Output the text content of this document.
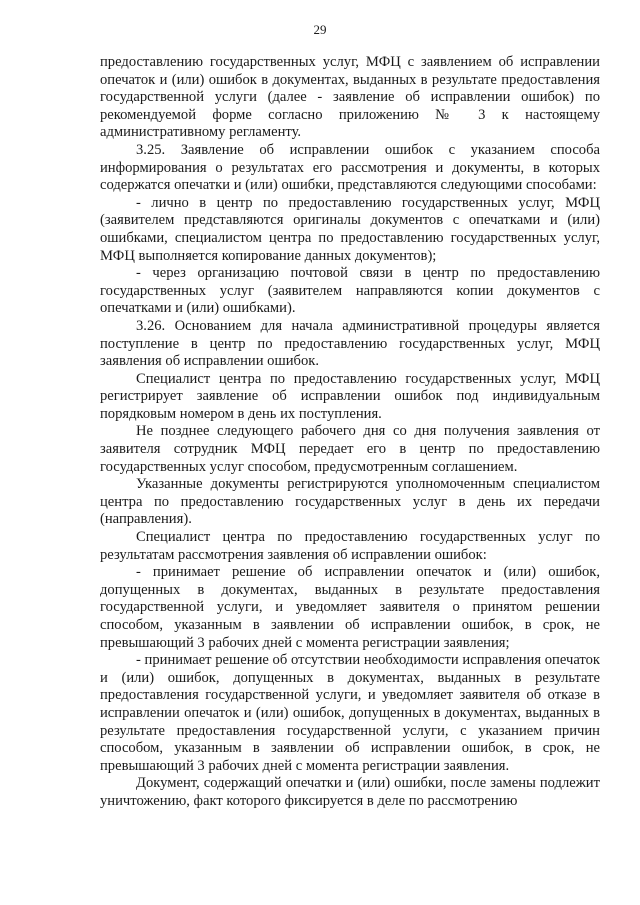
29

предоставлению государственных услуг, МФЦ с заявлением об исправлении опечаток и (или) ошибок в документах, выданных в результате предоставления государственной услуги (далее - заявление об исправлении ошибок) по рекомендуемой форме согласно приложению № 3 к настоящему административному регламенту.

3.25. Заявление об исправлении ошибок с указанием способа информирования о результатах его рассмотрения и документы, в которых содержатся опечатки и (или) ошибки, представляются следующими способами:

- лично в центр по предоставлению государственных услуг, МФЦ (заявителем представляются оригиналы документов с опечатками и (или) ошибками, специалистом центра по предоставлению государственных услуг, МФЦ выполняется копирование данных документов);

- через организацию почтовой связи в центр по предоставлению государственных услуг (заявителем направляются копии документов с опечатками и (или) ошибками).

3.26. Основанием для начала административной процедуры является поступление в центр по предоставлению государственных услуг, МФЦ заявления об исправлении ошибок.

Специалист центра по предоставлению государственных услуг, МФЦ регистрирует заявление об исправлении ошибок под индивидуальным порядковым номером в день их поступления.

Не позднее следующего рабочего дня со дня получения заявления от заявителя сотрудник МФЦ передает его в центр по предоставлению государственных услуг способом, предусмотренным соглашением.

Указанные документы регистрируются уполномоченным специалистом центра по предоставлению государственных услуг в день их передачи (направления).

Специалист центра по предоставлению государственных услуг по результатам рассмотрения заявления об исправлении ошибок:

- принимает решение об исправлении опечаток и (или) ошибок, допущенных в документах, выданных в результате предоставления государственной услуги, и уведомляет заявителя о принятом решении способом, указанным в заявлении об исправлении ошибок, в срок, не превышающий 3 рабочих дней с момента регистрации заявления;

- принимает решение об отсутствии необходимости исправления опечаток и (или) ошибок, допущенных в документах, выданных в результате предоставления государственной услуги, и уведомляет заявителя об отказе в исправлении опечаток и (или) ошибок, допущенных в документах, выданных в результате предоставления государственной услуги, с указанием причин способом, указанным в заявлении об исправлении ошибок, в срок, не превышающий 3 рабочих дней с момента регистрации заявления.

Документ, содержащий опечатки и (или) ошибки, после замены подлежит уничтожению, факт которого фиксируется в деле по рассмотрению
